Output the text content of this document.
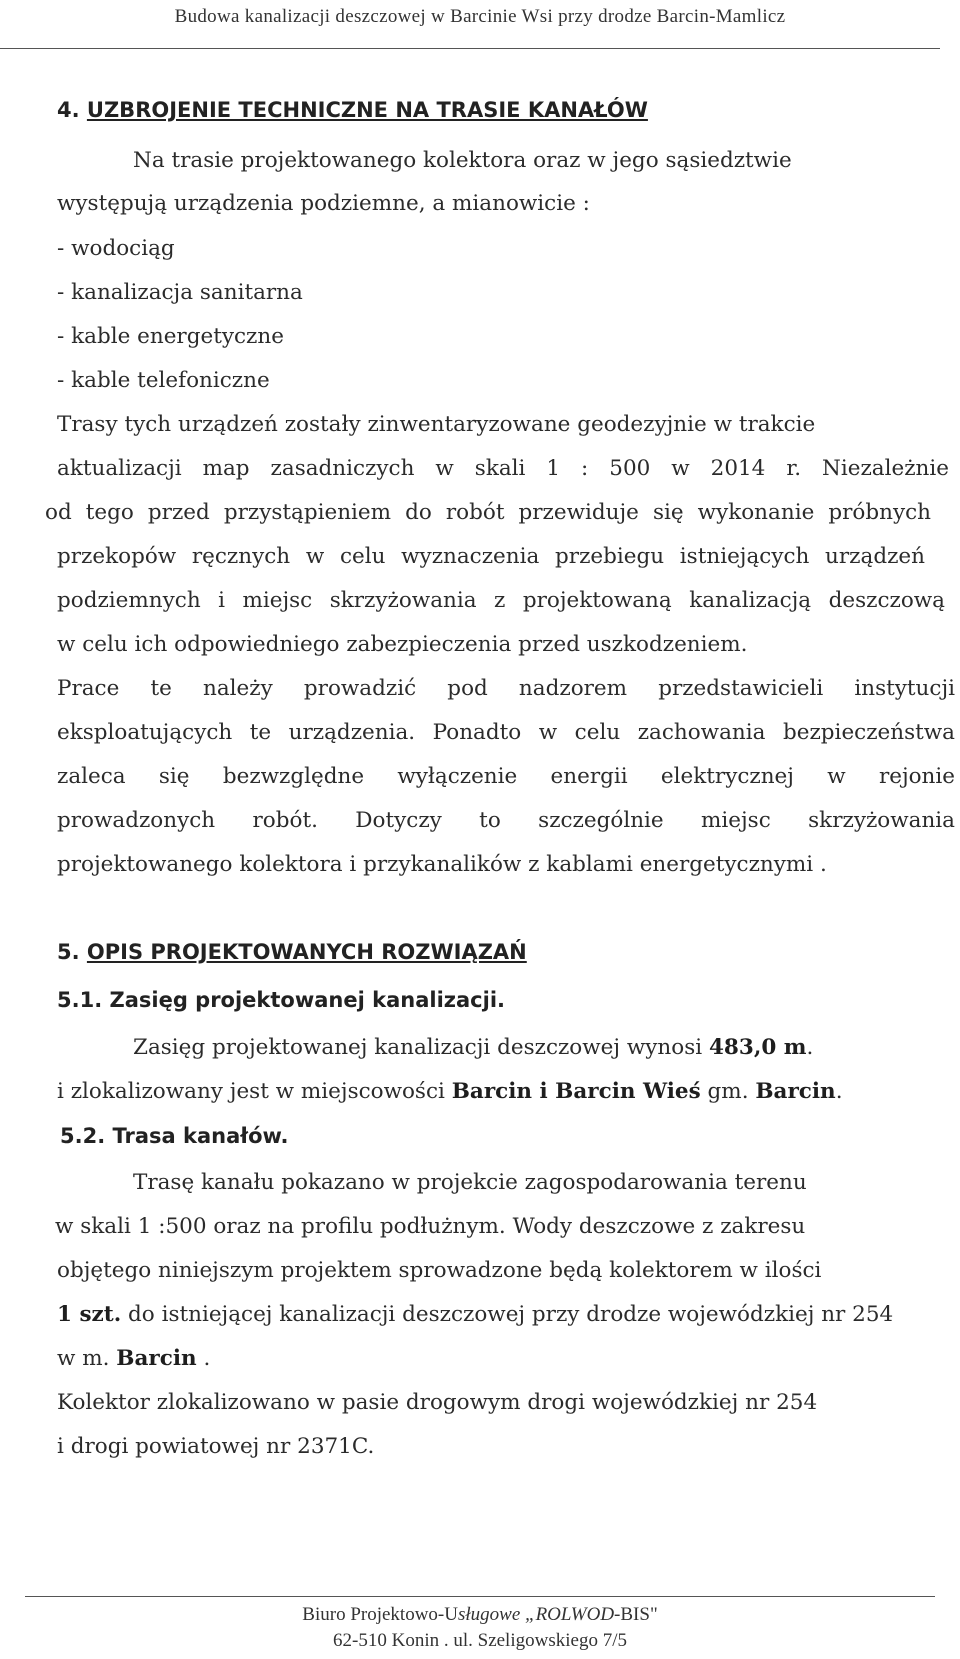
Budowa kanalizacji deszczowej w Barcinie Wsi przy drodze Barcin-Mamlicz
4. UZBROJENIE TECHNICZNE NA TRASIE KANAŁÓW
Na trasie projektowanego kolektora oraz w jego sąsiedztwie
występują urządzenia podziemne, a mianowicie :
- wodociąg
- kanalizacja sanitarna
- kable energetyczne
- kable telefoniczne
Trasy tych urządzeń zostały zinwentaryzowane geodezyjnie w trakcie
aktualizacji map zasadniczych w skali 1 : 500 w 2014 r. Niezależnie
od tego przed przystąpieniem do robót przewiduje się wykonanie próbnych
przekopów ręcznych w celu wyznaczenia przebiegu istniejących urządzeń
podziemnych i miejsc skrzyżowania z projektowaną kanalizacją deszczową
w celu ich odpowiedniego zabezpieczenia przed uszkodzeniem.
Prace te należy prowadzić pod nadzorem przedstawicieli instytucji
eksploatujących te urządzenia. Ponadto w celu zachowania bezpieczeństwa
zaleca się bezwzględne wyłączenie energii elektrycznej w rejonie
prowadzonych robót. Dotyczy to szczególnie miejsc skrzyżowania
projektowanego kolektora i przykanalików z kablami energetycznymi .
5. OPIS PROJEKTOWANYCH ROZWIĄZAŃ
5.1. Zasięg projektowanej kanalizacji.
Zasięg projektowanej kanalizacji deszczowej wynosi 483,0 m.
i zlokalizowany jest w miejscowości Barcin i Barcin Wieś gm. Barcin.
5.2. Trasa kanałów.
Trasę kanału pokazano w projekcie zagospodarowania terenu
w skali 1 :500 oraz na profilu podłużnym. Wody deszczowe z zakresu
objętego niniejszym projektem sprowadzone będą kolektorem w ilości
1 szt. do istniejącej kanalizacji deszczowej przy drodze wojewódzkiej nr 254
w m. Barcin .
Kolektor zlokalizowano w pasie drogowym drogi wojewódzkiej nr 254
i drogi powiatowej nr 2371C.
Biuro Projektowo-Usługowe „ROLWOD-BIS"
62-510 Konin . ul. Szeligowskiego 7/5
